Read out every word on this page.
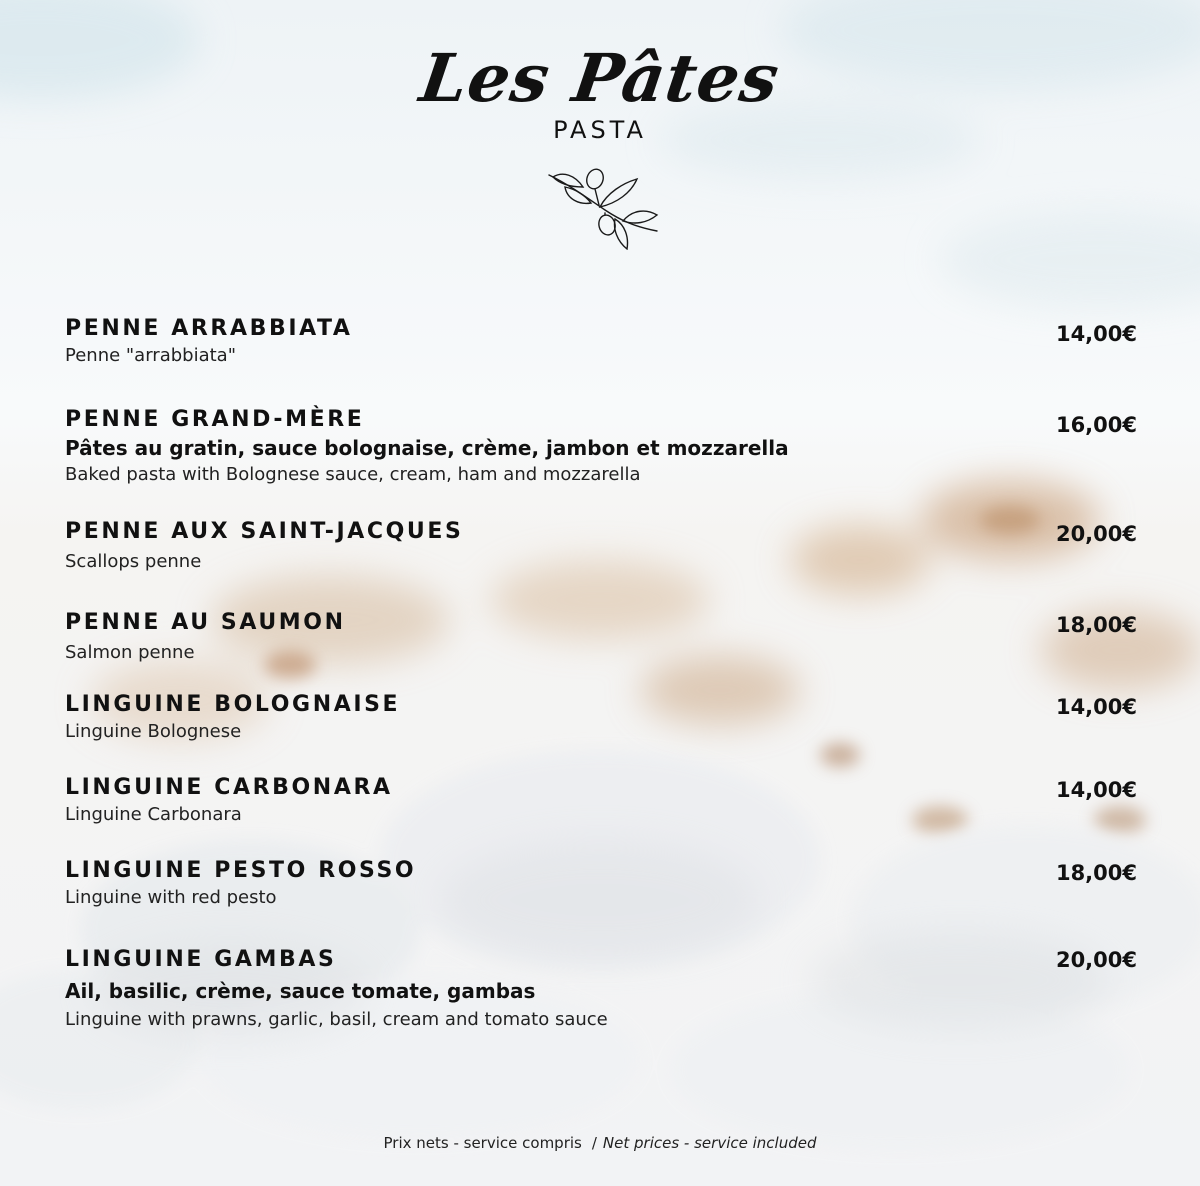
Les Pâtes
PASTA
PENNE ARRABBIATA
Penne "arrabbiata"
14,00€
PENNE GRAND-MÈRE
Pâtes au gratin, sauce bolognaise, crème, jambon et mozzarella
Baked pasta with Bolognese sauce, cream, ham and mozzarella
16,00€
PENNE AUX SAINT-JACQUES
Scallops penne
20,00€
PENNE AU SAUMON
Salmon penne
18,00€
LINGUINE BOLOGNAISE
Linguine Bolognese
14,00€
LINGUINE CARBONARA
Linguine Carbonara
14,00€
LINGUINE PESTO ROSSO
Linguine with red pesto
18,00€
LINGUINE GAMBAS
Ail, basilic, crème, sauce tomate, gambas
Linguine with prawns, garlic, basil, cream and tomato sauce
20,00€
Prix nets - service compris / Net prices - service included
